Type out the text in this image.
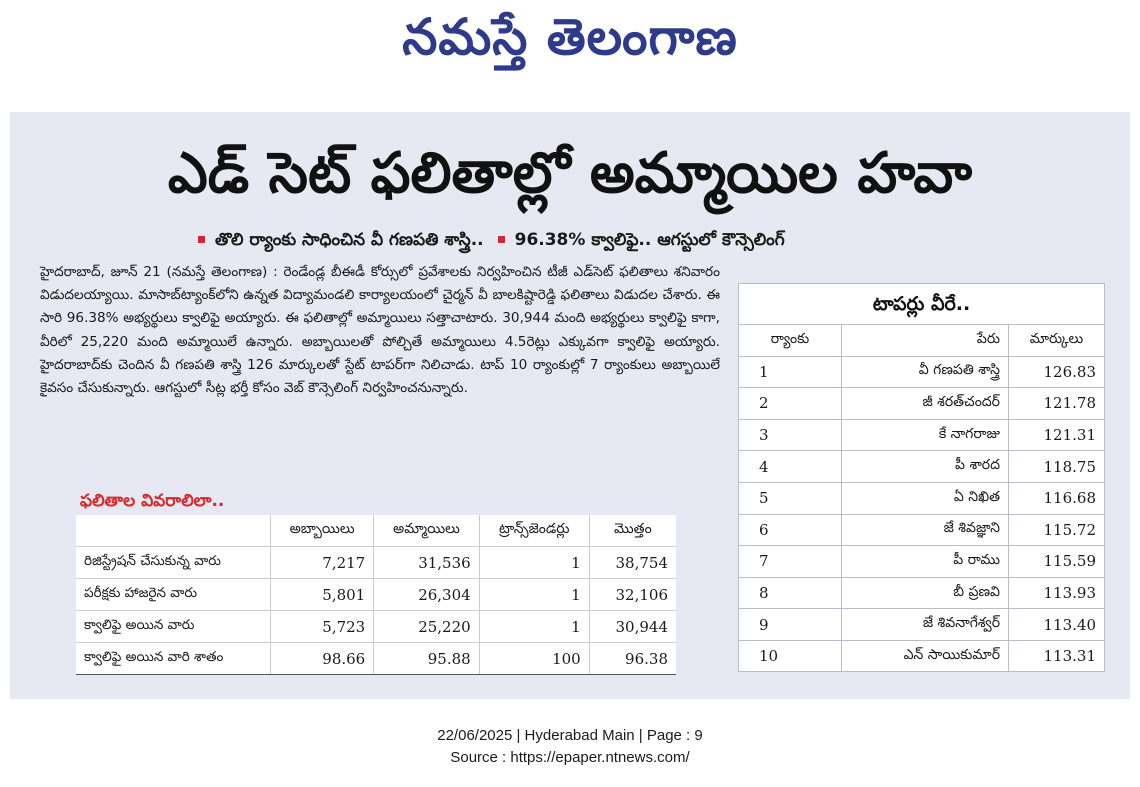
నమస్తే తెలంగాణ
ఎడ్ సెట్ ఫలితాల్లో అమ్మాయిల హవా
తొలి ర్యాంకు సాధించిన వీ గణపతి శాస్త్రి.. 96.38% క్వాలిఫై.. ఆగస్టులో కౌన్సెలింగ్
హైదరాబాద్, జూన్ 21 (నమస్తే తెలంగాణ) : రెండేండ్ల బీఈడీ కోర్సులో ప్రవేశాలకు నిర్వహించిన టీజీ ఎడ్‌సెట్ ఫలితాలు శనివారం విడుదలయ్యాయి. మాసాబ్‌ట్యాంక్‌లోని ఉన్నత విద్యామండలి కార్యాలయంలో చైర్మన్ వీ బాలకిష్టారెడ్డి ఫలితాలు విడుదల చేశారు. ఈ సారి 96.38% అభ్యర్థులు క్వాలిఫై అయ్యారు. ఈ ఫలితాల్లో అమ్మాయిలు సత్తాచాటారు. 30,944 మంది అభ్యర్థులు క్వాలిఫై కాగా, వీరిలో 25,220 మంది అమ్మాయిలే ఉన్నారు. అబ్బాయిలతో పోల్చితే అమ్మాయిలు 4.5రెట్లు ఎక్కువగా క్వాలిఫై అయ్యారు. హైదరాబాద్‌కు చెందిన వీ గణపతి శాస్త్రి 126 మార్కులతో స్టేట్ టాపర్‌గా నిలిచాడు. టాప్ 10 ర్యాంకుల్లో 7 ర్యాంకులు అబ్బాయిలే కైవసం చేసుకున్నారు. ఆగస్టులో సీట్ల భర్తీ కోసం వెబ్ కౌన్సెలింగ్ నిర్వహించనున్నారు.
ఫలితాల వివరాలిలా..
	అబ్బాయిలు	అమ్మాయిలు	ట్రాన్స్‌జెండర్లు	మొత్తం
రిజిస్ట్రేషన్ చేసుకున్న వారు	7,217	31,536	1	38,754
పరీక్షకు హాజరైన వారు	5,801	26,304	1	32,106
క్వాలిఫై అయిన వారు	5,723	25,220	1	30,944
క్వాలిఫై అయిన వారి శాతం	98.66	95.88	100	96.38
టాపర్లు వీరే..
ర్యాంకు	పేరు	మార్కులు
1	వీ గణపతి శాస్త్రి	126.83
2	జీ శరత్‌చందర్	121.78
3	కే నాగరాజు	121.31
4	పీ శారద	118.75
5	ఏ నిఖిత	116.68
6	జే శివజ్ఞాని	115.72
7	పీ రాము	115.59
8	బీ ప్రణవి	113.93
9	జే శివనాగేశ్వర్	113.40
10	ఎన్ సాయికుమార్	113.31
22/06/2025 | Hyderabad Main | Page : 9
Source : https://epaper.ntnews.com/
